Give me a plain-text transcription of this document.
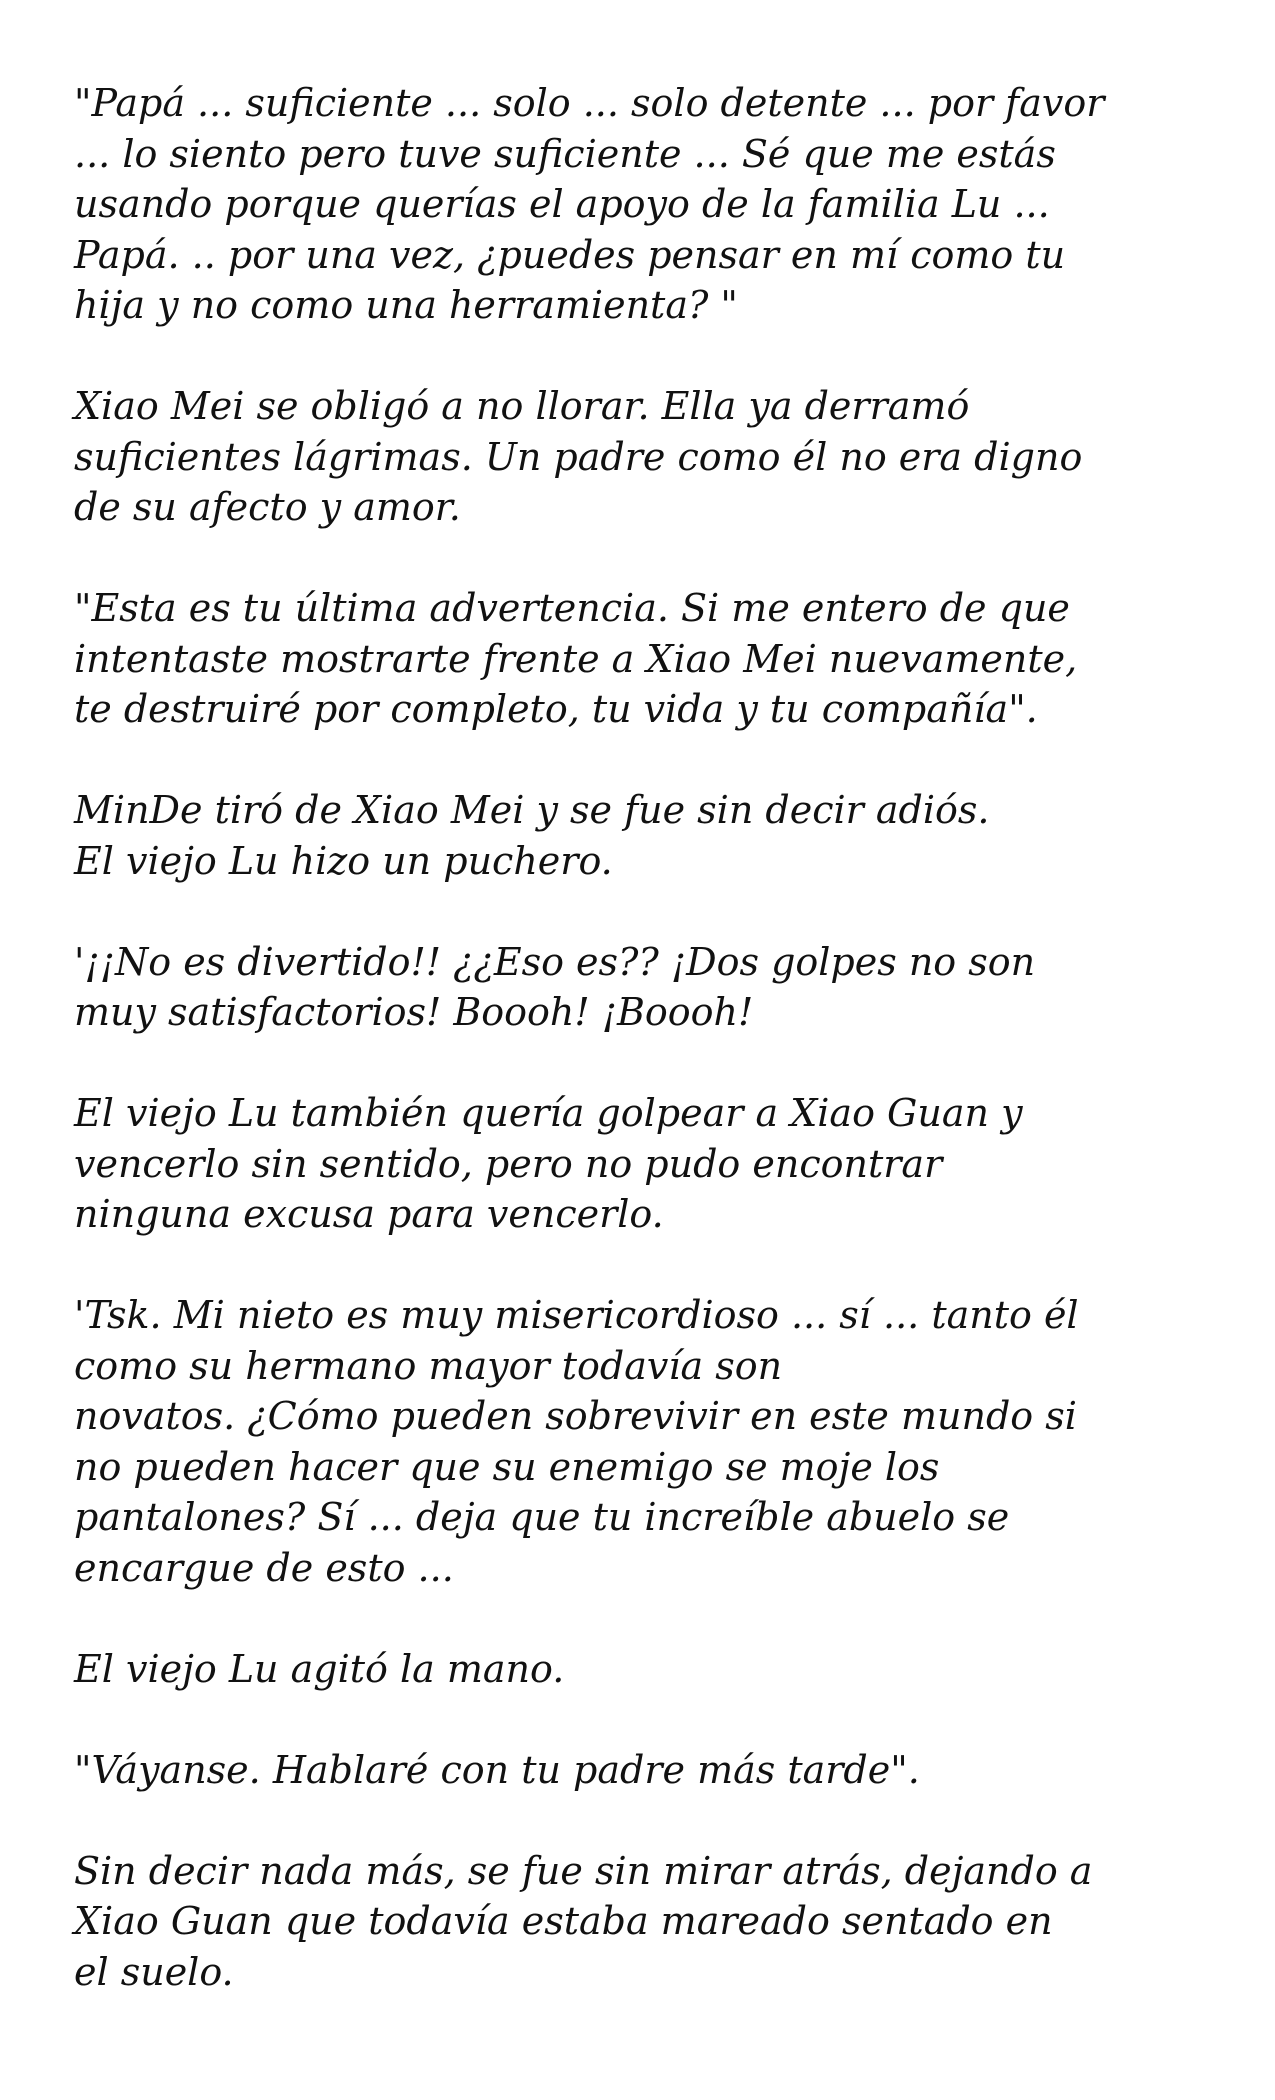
"Papá ... suficiente ... solo ... solo detente ... por favor
... lo siento pero tuve suficiente ... Sé que me estás
usando porque querías el apoyo de la familia Lu ...
Papá. .. por una vez, ¿puedes pensar en mí como tu
hija y no como una herramienta? "
Xiao Mei se obligó a no llorar. Ella ya derramó
suficientes lágrimas. Un padre como él no era digno
de su afecto y amor.
"Esta es tu última advertencia. Si me entero de que
intentaste mostrarte frente a Xiao Mei nuevamente,
te destruiré por completo, tu vida y tu compañía".
MinDe tiró de Xiao Mei y se fue sin decir adiós.
El viejo Lu hizo un puchero.
'¡¡No es divertido!! ¿¿Eso es?? ¡Dos golpes no son
muy satisfactorios! Boooh! ¡Boooh!
El viejo Lu también quería golpear a Xiao Guan y
vencerlo sin sentido, pero no pudo encontrar
ninguna excusa para vencerlo.
'Tsk. Mi nieto es muy misericordioso ... sí ... tanto él
como su hermano mayor todavía son
novatos. ¿Cómo pueden sobrevivir en este mundo si
no pueden hacer que su enemigo se moje los
pantalones? Sí ... deja que tu increíble abuelo se
encargue de esto ...
El viejo Lu agitó la mano.
"Váyanse. Hablaré con tu padre más tarde".
Sin decir nada más, se fue sin mirar atrás, dejando a
Xiao Guan que todavía estaba mareado sentado en
el suelo.
